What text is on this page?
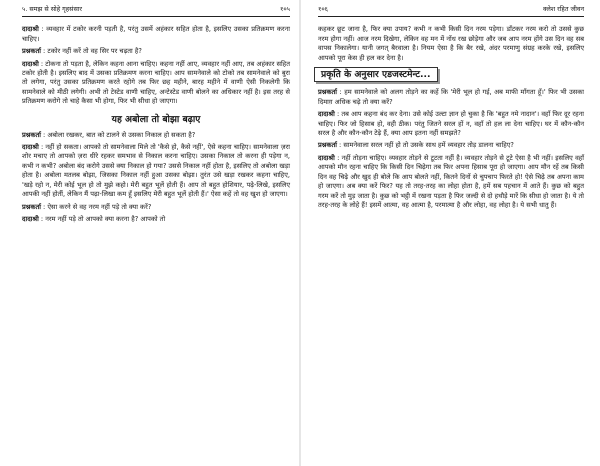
५. समझ से सोहे गृहसंसार	१०५

दादाश्री : व्यवहार में टकोर करनी पड़ती है, परंतु उसमें अहंकार सहित होता है, इसलिए उसका प्रतिक्रमण करना चाहिए।

प्रश्नकर्ता : टकोर नहीं करें तो वह सिर पर चढ़ता है?

दादाश्री : टोकना तो पड़ता है, लेकिन कहना आना चाहिए। कहना नहीं आए, व्यवहार नहीं आए, तब अहंकार सहित टकोर होती है। इसलिए बाद में उसका प्रतिक्रमण करना चाहिए। आप सामनेवाले को टोको तब सामनेवाले को बुरा तो लगेगा, परंतु उसका प्रतिक्रमण करते रहोगे तब फिर छह महीने, बारह महीने में वाणी ऐसी निकलेगी कि सामनेवाले को मीठी लगेगी। अभी तो टेस्टेड वाणी चाहिए, अन्टेस्टेड वाणी बोलने का अधिकार नहीं है। इस तरह से प्रतिक्रमण करोगे तो चाहे कैसा भी होगा, फिर भी सीधा हो जाएगा।

यह अबोला तो बोझा बढ़ाए

प्रश्नकर्ता : अबोला रखकर, बात को टालने से उसका निकाल हो सकता है?

दादाश्री : नहीं हो सकता। आपको तो सामनेवाला मिले तो 'कैसे हो, कैसे नहीं', ऐसे कहना चाहिए। सामनेवाला ज़रा शोर मचाए तो आपको ज़रा धीरे रहकर समभाव से निकाल करना चाहिए। उसका निकाल तो करना ही पड़ेगा न, कभी न कभी? अबोला बंद करोगे उससे क्या निकाल हो गया? उससे निकाल नहीं होता है, इसलिए तो अबोला खड़ा होता है। अबोला मतलब बोझा, जिसका निकाल नहीं हुआ उसका बोझा। तुरंत उसे खड़ा रखकर कहना चाहिए, 'खड़े रहो न, मेरी कोई भूल हो तो मुझे कहो। मेरी बहुत भूलें होती हैं। आप तो बहुत होशियार, पढ़े-लिखे, इसलिए आपकी नहीं होतीं, लेकिन मैं पढ़ा-लिखा कम हूँ इसलिए मेरी बहुत भूलें होती हैं।' ऐसा कहें तो वह खुश हो जाएगा।

प्रश्नकर्ता : ऐसा करने से वह नरम नहीं पड़े तो क्या करें?

दादाश्री : नरम नहीं पड़े तो आपको क्या करना है? आपको तो

१०६	क्लेश रहित जीवन

कहकर छूट जाना है, फिर क्या उपाय? कभी न कभी किसी दिन नरम पड़ेगा। डाँटकर नरम करो तो उससे कुछ नरम होगा नहीं। आज नरम दिखेगा, लेकिन वह मन में नोंध रख छोड़ेगा और जब आप नरम होंगे उस दिन वह सब वापस निकालेगा। यानी जगत् बैरवाला है। नियम ऐसा है कि बैर रखे, अंदर परमाणु संग्रह करके रखे, इसलिए आपको पूरा केस ही हल कर देना है।

प्रकृति के अनुसार एडजस्टमेन्ट...

प्रश्नकर्ता : हम सामनेवाले को अलग तोड़ने का कहें कि 'मेरी भूल हो गई, अब माफी माँगता हूँ।' फिर भी उसका दिमाग़ अधिक चढ़े तो क्या करें?

दादाश्री : तब आप कहना बंद कर देना। उसे कोई उल्टा ज्ञान हो चुका है कि 'बहुत नमे नादान'। वहाँ फिर दूर रहना चाहिए। फिर जो हिसाब हो, वही ठीक। परंतु जितने सरल हों न, वहाँ तो हल ला देना चाहिए। घर में कौन-कौन सरल है और कौन-कौन टेढ़े हैं, क्या आप इतना नहीं समझते?

प्रश्नकर्ता : सामनेवाला सरल नहीं हो तो उसके साथ हमें व्यवहार तोड़ डालना चाहिए?

दादाश्री : नहीं तोड़ना चाहिए। व्यवहार तोड़ने से टूटता नहीं है। व्यवहार तोड़ने से टूटे ऐसा है भी नहीं। इसलिए वहाँ आपको मौन रहना चाहिए कि किसी दिन चिढ़ेगा तब फिर अपना हिसाब पूरा हो जाएगा। आप मौन रहें तब किसी दिन वह चिढ़े और खुद ही बोले कि आप बोलते नहीं, कितने दिनों से चुपचाप फिरते हो! ऐसे चिढ़े तब अपना काम हो जाएगा। अब क्या करें फिर? यह तो तरह-तरह का लोहा होता है, हमें सब पहचान में आते हैं। कुछ को बहुत गरम करें तो मुड़ जाता है। कुछ को भट्ठी में रखना पड़ता है फिर जल्दी से दो हथौड़े मारें कि सीधा हो जाता है। ये तो तरह-तरह के लोहे हैं! इसमें आत्मा, वह आत्मा है, परमात्मा है और लोहा, वह लोहा है। ये सभी धातु हैं।
